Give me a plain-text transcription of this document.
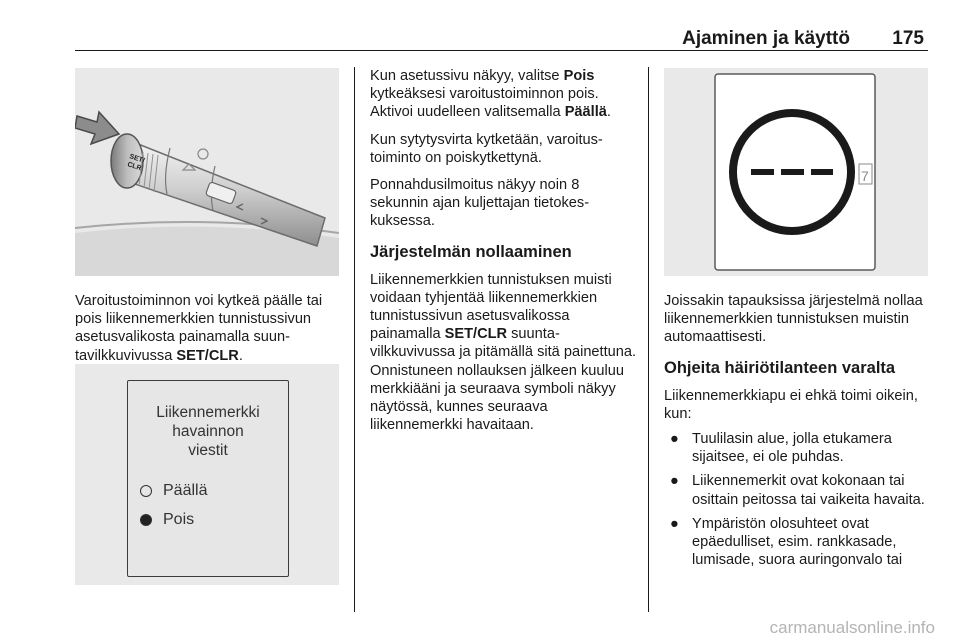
Ajaminen ja käyttö 175
SET/
CLR

Varoitustoiminnon voi kytkeä päälle tai pois liikennemerkkien tunnistussivun asetusvalikosta painamalla suuntavilkkuvivussa SET/CLR.

Liikennemerkki
havainnon
viestit
Päällä
Pois

Kun asetussivu näkyy, valitse Pois kytkeäksesi varoitustoiminnon pois. Aktivoi uudelleen valitsemalla Päällä.

Kun sytytysvirta kytketään, varoitustoiminto on poiskytkettynä.

Ponnahdusilmoitus näkyy noin 8 sekunnin ajan kuljettajan tietokeskuksessa.

Järjestelmän nollaaminen

Liikennemerkkien tunnistuksen muisti voidaan tyhjentää liikennemerkkien tunnistussivun asetusvalikossa painamalla SET/CLR suuntavilkkuvivussa ja pitämällä sitä painettuna. Onnistuneen nollauksen jälkeen kuuluu merkkiääni ja seuraava symboli näkyy näytössä, kunnes seuraava liikennemerkki havaitaan.

7

Joissakin tapauksissa järjestelmä nollaa liikennemerkkien tunnistuksen muistin automaattisesti.

Ohjeita häiriötilanteen varalta

Liikennemerkkiapu ei ehkä toimi oikein, kun:

● Tuulilasin alue, jolla etukamera sijaitsee, ei ole puhdas.
● Liikennemerkit ovat kokonaan tai osittain peitossa tai vaikeita havaita.
● Ympäristön olosuhteet ovat epäedulliset, esim. rankkasade, lumisade, suora auringonvalo tai
carmanualsonline.info
